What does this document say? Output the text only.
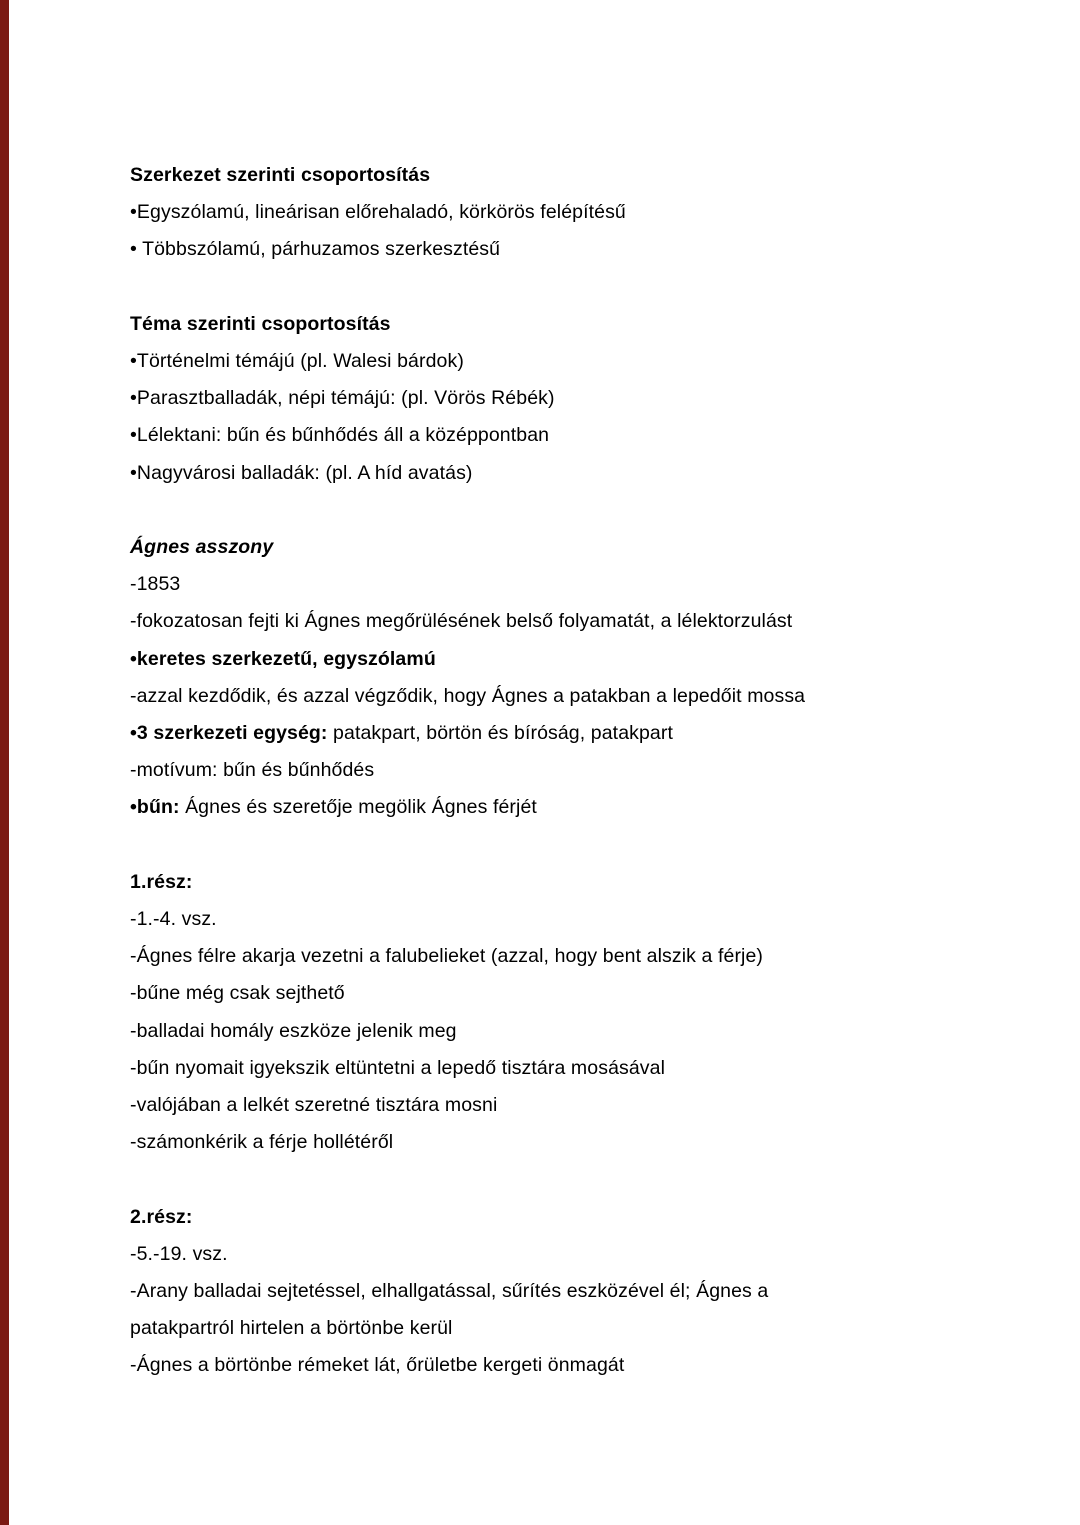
Szerkezet szerinti csoportosítás
•Egyszólamú, lineárisan előrehaladó, körkörös felépítésű
• Többszólamú, párhuzamos szerkesztésű
Téma szerinti csoportosítás
•Történelmi témájú (pl. Walesi bárdok)
•Parasztballadák, népi témájú: (pl. Vörös Rébék)
•Lélektani: bűn és bűnhődés áll a középpontban
•Nagyvárosi balladák: (pl. A híd avatás)
Ágnes asszony
-1853
-fokozatosan fejti ki Ágnes megőrülésének belső folyamatát, a lélektorzulást
•keretes szerkezetű, egyszólamú
-azzal kezdődik, és azzal végződik, hogy Ágnes a patakban a lepedőit mossa
•3 szerkezeti egység: patakpart, börtön és bíróság, patakpart
-motívum: bűn és bűnhődés
•bűn: Ágnes és szeretője megölik Ágnes férjét
1.rész:
-1.-4. vsz.
-Ágnes félre akarja vezetni a falubelieket (azzal, hogy bent alszik a férje)
-bűne még csak sejthető
-balladai homály eszköze jelenik meg
-bűn nyomait igyekszik eltüntetni a lepedő tisztára mosásával
-valójában a lelkét szeretné tisztára mosni
-számonkérik a férje hollétéről
2.rész:
-5.-19. vsz.
-Arany balladai sejtetéssel, elhallgatással, sűrítés eszközével él; Ágnes a
patakpartról hirtelen a börtönbe kerül
-Ágnes a börtönbe rémeket lát, őrületbe kergeti önmagát
